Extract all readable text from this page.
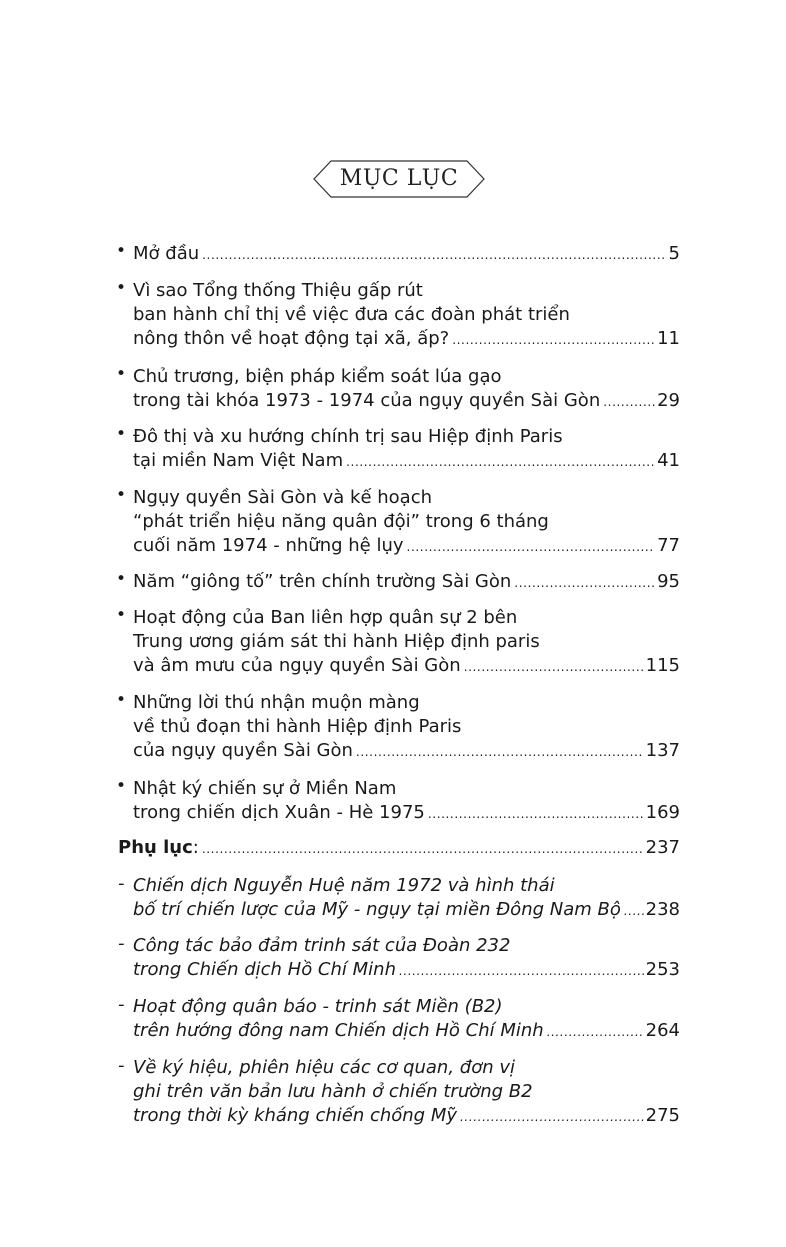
MỤC LỤC
• Mở đầu .....	5
• Vì sao Tổng thống Thiệu gấp rút
ban hành chỉ thị về việc đưa các đoàn phát triển
nông thôn về hoạt động tại xã, ấp? .....	11
• Chủ trương, biện pháp kiểm soát lúa gạo
trong tài khóa 1973 - 1974 của ngụy quyền Sài Gòn .....	29
• Đô thị và xu hướng chính trị sau Hiệp định Paris
tại miền Nam Việt Nam .....	41
• Ngụy quyền Sài Gòn và kế hoạch
“phát triển hiệu năng quân đội” trong 6 tháng
cuối năm 1974 - những hệ lụy .....	77
• Năm “giông tố” trên chính trường Sài Gòn .....	95
• Hoạt động của Ban liên hợp quân sự 2 bên
Trung ương giám sát thi hành Hiệp định paris
và âm mưu của ngụy quyền Sài Gòn .....	115
• Những lời thú nhận muộn màng
về thủ đoạn thi hành Hiệp định Paris
của ngụy quyền Sài Gòn .....	137
• Nhật ký chiến sự ở Miền Nam
trong chiến dịch Xuân - Hè 1975 .....	169
Phụ lục : .....	237
- Chiến dịch Nguyễn Huệ năm 1972 và hình thái
bố trí chiến lược của Mỹ - ngụy tại miền Đông Nam Bộ ..... 238
- Công tác bảo đảm trinh sát của Đoàn 232
trong Chiến dịch Hồ Chí Minh .....	253
- Hoạt động quân báo - trinh sát Miền (B2)
trên hướng đông nam Chiến dịch Hồ Chí Minh .....	264
- Về ký hiệu, phiên hiệu các cơ quan, đơn vị
ghi trên văn bản lưu hành ở chiến trường B2
trong thời kỳ kháng chiến chống Mỹ .....	275
